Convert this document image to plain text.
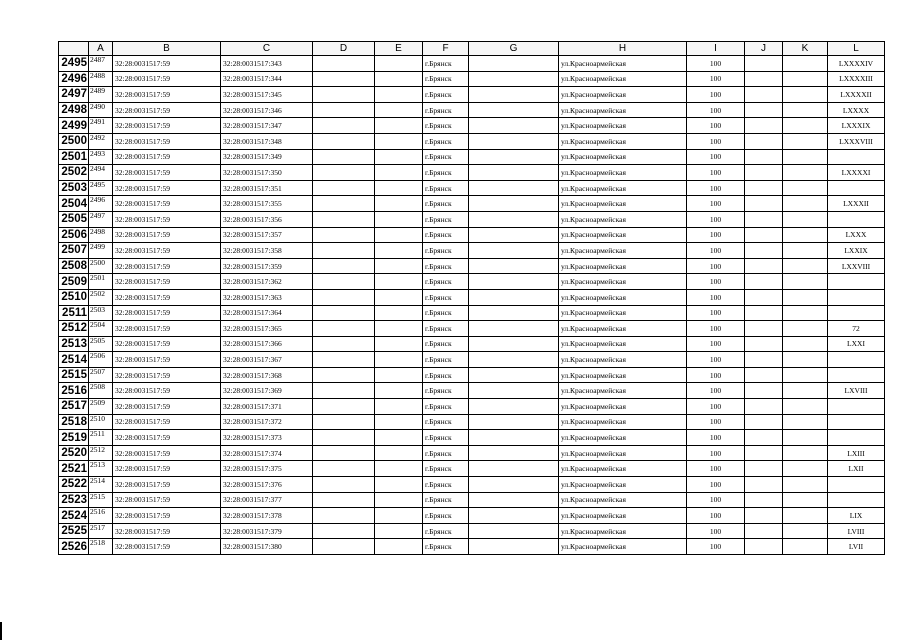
	A	B	C	D	E	F	G	H	I	J	K	L
2495	2487	32:28:0031517:59	32:28:0031517:343			г.Брянск		ул.Красноармейская	100			LXXXXIV
2496	2488	32:28:0031517:59	32:28:0031517:344			г.Брянск		ул.Красноармейская	100			LXXXXIII
2497	2489	32:28:0031517:59	32:28:0031517:345			г.Брянск		ул.Красноармейская	100			LXXXXII
2498	2490	32:28:0031517:59	32:28:0031517:346			г.Брянск		ул.Красноармейская	100			LXXXX
2499	2491	32:28:0031517:59	32:28:0031517:347			г.Брянск		ул.Красноармейская	100			LXXXIX
2500	2492	32:28:0031517:59	32:28:0031517:348			г.Брянск		ул.Красноармейская	100			LXXXVIII
2501	2493	32:28:0031517:59	32:28:0031517:349			г.Брянск		ул.Красноармейская	100			
2502	2494	32:28:0031517:59	32:28:0031517:350			г.Брянск		ул.Красноармейская	100			LXXXXI
2503	2495	32:28:0031517:59	32:28:0031517:351			г.Брянск		ул.Красноармейская	100			
2504	2496	32:28:0031517:59	32:28:0031517:355			г.Брянск		ул.Красноармейская	100			LXXXII
2505	2497	32:28:0031517:59	32:28:0031517:356			г.Брянск		ул.Красноармейская	100			
2506	2498	32:28:0031517:59	32:28:0031517:357			г.Брянск		ул.Красноармейская	100			LXXX
2507	2499	32:28:0031517:59	32:28:0031517:358			г.Брянск		ул.Красноармейская	100			LXXIX
2508	2500	32:28:0031517:59	32:28:0031517:359			г.Брянск		ул.Красноармейская	100			LXXVIII
2509	2501	32:28:0031517:59	32:28:0031517:362			г.Брянск		ул.Красноармейская	100			
2510	2502	32:28:0031517:59	32:28:0031517:363			г.Брянск		ул.Красноармейская	100			
2511	2503	32:28:0031517:59	32:28:0031517:364			г.Брянск		ул.Красноармейская	100			
2512	2504	32:28:0031517:59	32:28:0031517:365			г.Брянск		ул.Красноармейская	100			72
2513	2505	32:28:0031517:59	32:28:0031517:366			г.Брянск		ул.Красноармейская	100			LXXI
2514	2506	32:28:0031517:59	32:28:0031517:367			г.Брянск		ул.Красноармейская	100			
2515	2507	32:28:0031517:59	32:28:0031517:368			г.Брянск		ул.Красноармейская	100			
2516	2508	32:28:0031517:59	32:28:0031517:369			г.Брянск		ул.Красноармейская	100			LXVIII
2517	2509	32:28:0031517:59	32:28:0031517:371			г.Брянск		ул.Красноармейская	100			
2518	2510	32:28:0031517:59	32:28:0031517:372			г.Брянск		ул.Красноармейская	100			
2519	2511	32:28:0031517:59	32:28:0031517:373			г.Брянск		ул.Красноармейская	100			
2520	2512	32:28:0031517:59	32:28:0031517:374			г.Брянск		ул.Красноармейская	100			LXIII
2521	2513	32:28:0031517:59	32:28:0031517:375			г.Брянск		ул.Красноармейская	100			LXII
2522	2514	32:28:0031517:59	32:28:0031517:376			г.Брянск		ул.Красноармейская	100			
2523	2515	32:28:0031517:59	32:28:0031517:377			г.Брянск		ул.Красноармейская	100			
2524	2516	32:28:0031517:59	32:28:0031517:378			г.Брянск		ул.Красноармейская	100			LIX
2525	2517	32:28:0031517:59	32:28:0031517:379			г.Брянск		ул.Красноармейская	100			LVIII
2526	2518	32:28:0031517:59	32:28:0031517:380			г.Брянск		ул.Красноармейская	100			LVII
